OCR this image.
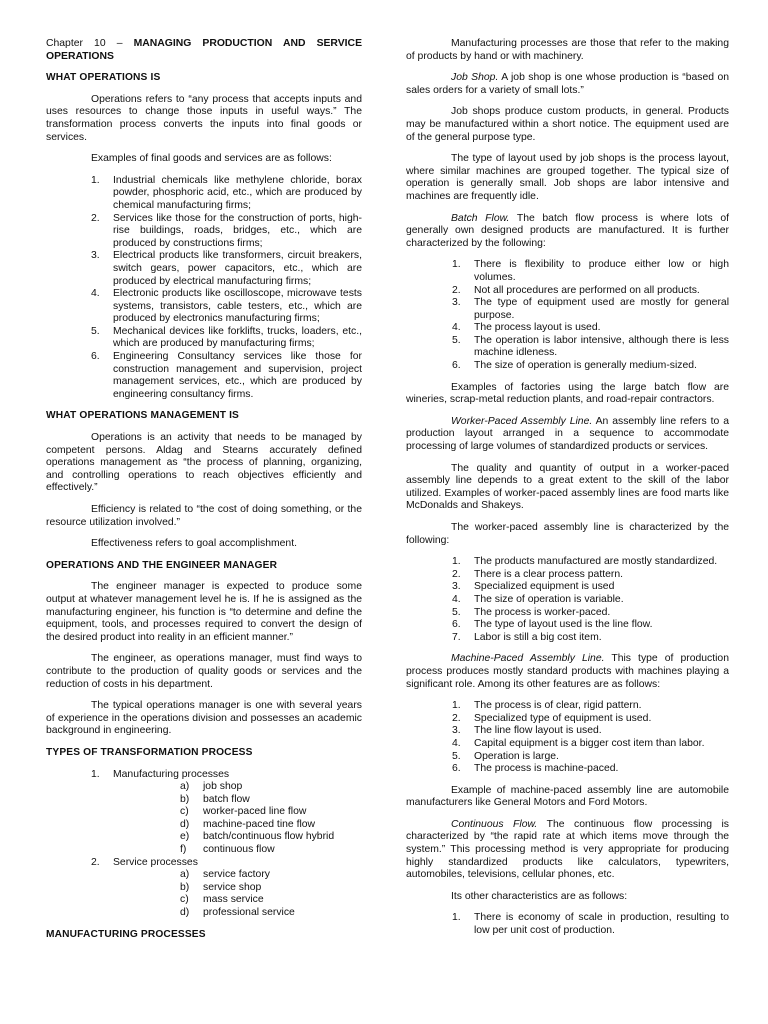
Chapter 10 – MANAGING PRODUCTION AND SERVICE OPERATIONS
WHAT OPERATIONS IS

Operations refers to “any process that accepts inputs and uses resources to change those inputs in useful ways.” The transformation process converts the inputs into final goods or services.

Examples of final goods and services are as follows:

1. Industrial chemicals like methylene chloride, borax powder, phosphoric acid, etc., which are produced by chemical manufacturing firms;
2. Services like those for the construction of ports, high-rise buildings, roads, bridges, etc., which are produced by constructions firms;
3. Electrical products like transformers, circuit breakers, switch gears, power capacitors, etc., which are produced by electrical manufacturing firms;
4. Electronic products like oscilloscope, microwave tests systems, transistors, cable testers, etc., which are produced by electronics manufacturing firms;
5. Mechanical devices like forklifts, trucks, loaders, etc., which are produced by manufacturing firms;
6. Engineering Consultancy services like those for construction management and supervision, project management services, etc., which are produced by engineering consultancy firms.
WHAT OPERATIONS MANAGEMENT IS

Operations is an activity that needs to be managed by competent persons. Aldag and Stearns accurately defined operations management as “the process of planning, organizing, and controlling operations to reach objectives efficiently and effectively.”

Efficiency is related to “the cost of doing something, or the resource utilization involved.”

Effectiveness refers to goal accomplishment.

OPERATIONS AND THE ENGINEER MANAGER

The engineer manager is expected to produce some output at whatever management level he is. If he is assigned as the manufacturing engineer, his function is “to determine and define the equipment, tools, and processes required to convert the design of the desired product into reality in an efficient manner.”

The engineer, as operations manager, must find ways to contribute to the production of quality goods or services and the reduction of costs in his department.

The typical operations manager is one with several years of experience in the operations division and possesses an academic background in engineering.

TYPES OF TRANSFORMATION PROCESS
1. Manufacturing processes
a) job shop
b) batch flow
c) worker-paced line flow
d) machine-paced tine flow
e) batch/continuous flow hybrid
f) continuous flow
2. Service processes
a) service factory
b) service shop
c) mass service
d) professional service
MANUFACTURING PROCESSES

Manufacturing processes are those that refer to the making of products by hand or with machinery.

Job Shop. A job shop is one whose production is “based on sales orders for a variety of small lots.”

Job shops produce custom products, in general. Products may be manufactured within a short notice. The equipment used are of the general purpose type.

The type of layout used by job shops is the process layout, where similar machines are grouped together. The typical size of operation is generally small. Job shops are labor intensive and machines are frequently idle.

Batch Flow. The batch flow process is where lots of generally own designed products are manufactured. It is further characterized by the following:

1. There is flexibility to produce either low or high volumes.
2. Not all procedures are performed on all products.
3. The type of equipment used are mostly for general purpose.
4. The process layout is used.
5. The operation is labor intensive, although there is less machine idleness.
6. The size of operation is generally medium-sized.

Examples of factories using the large batch flow are wineries, scrap-metal reduction plants, and road-repair contractors.

Worker-Paced Assembly Line. An assembly line refers to a production layout arranged in a sequence to accommodate processing of large volumes of standardized products or services.

The quality and quantity of output in a worker-paced assembly line depends to a great extent to the skill of the labor utilized. Examples of worker-paced assembly lines are food marts like McDonalds and Shakeys.

The worker-paced assembly line is characterized by the following:

1. The products manufactured are mostly standardized.
2. There is a clear process pattern.
3. Specialized equipment is used
4. The size of operation is variable.
5. The process is worker-paced.
6. The type of layout used is the line flow.
7. Labor is still a big cost item.

Machine-Paced Assembly Line. This type of production process produces mostly standard products with machines playing a significant role. Among its other features are as follows:

1. The process is of clear, rigid pattern.
2. Specialized type of equipment is used.
3. The line flow layout is used.
4. Capital equipment is a bigger cost item than labor.
5. Operation is large.
6. The process is machine-paced.

Example of machine-paced assembly line are automobile manufacturers like General Motors and Ford Motors.

Continuous Flow. The continuous flow processing is characterized by “the rapid rate at which items move through the system.” This processing method is very appropriate for producing highly standardized products like calculators, typewriters, automobiles, televisions, cellular phones, etc.

Its other characteristics are as follows:

1. There is economy of scale in production, resulting to low per unit cost of production.
